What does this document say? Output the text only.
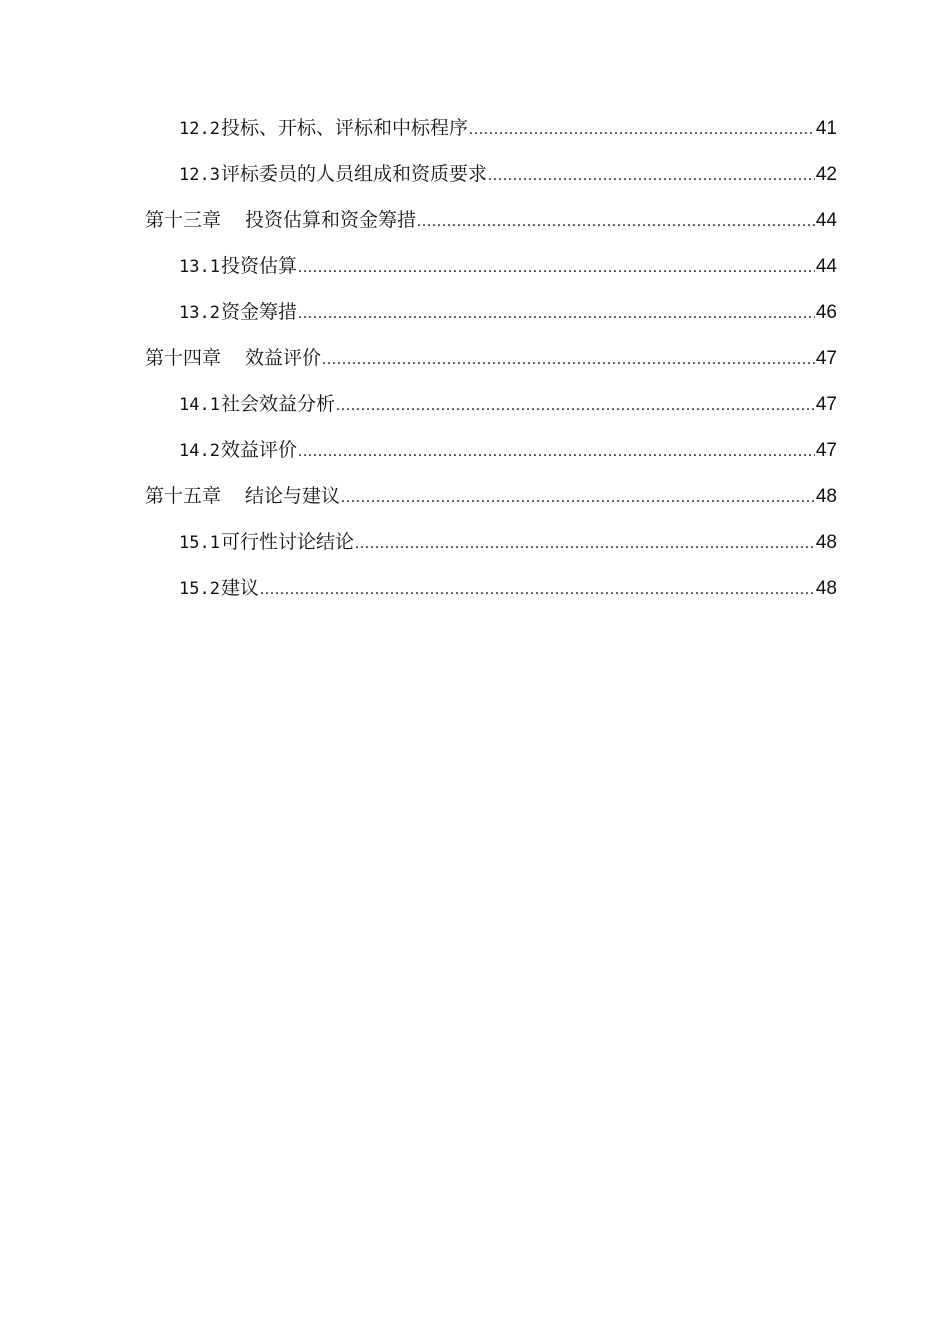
12.2 投标、开标、评标和中标程序 .....	41
12.3 评标委员的人员组成和资质要求 .....	42
第十三章 投资估算和资金筹措 .....	44
13.1 投资估算 .....	44
13.2 资金筹措 .....	46
第十四章 效益评价 .....	47
14.1 社会效益分析 .....	47
14.2 效益评价 .....	47
第十五章 结论与建议 .....	48
15.1 可行性讨论结论 .....	48
15.2 建议 .....	48
